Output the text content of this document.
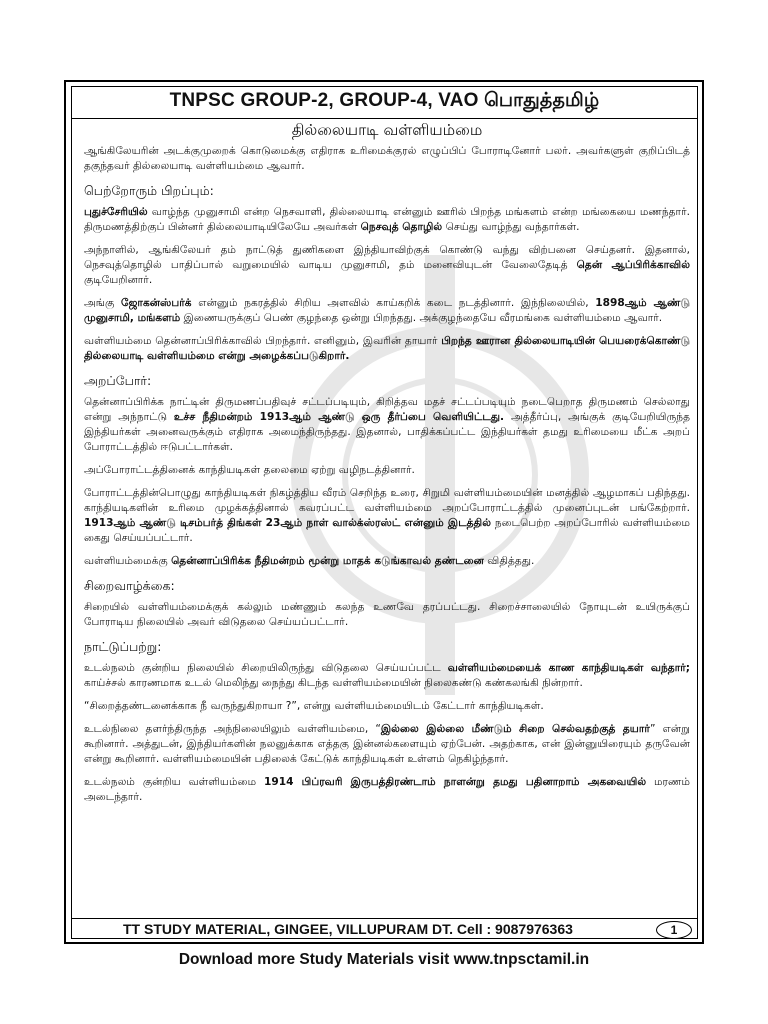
TNPSC GROUP-2, GROUP-4, VAO பொதுத்தமிழ்
தில்லையாடி வள்ளியம்மை

ஆங்கிலேயரின் அடக்குமுறைக் கொடுமைக்கு எதிராக உரிமைக்குரல் எழுப்பிப் போராடினோர் பலர். அவர்களுள் குறிப்பிடத் தகுந்தவர் தில்லையாடி வள்ளியம்மை ஆவார்.

பெற்றோரும் பிறப்பும்:

புதுச்சேரியில் வாழ்ந்த முனுசாமி என்ற நெசவாளி, தில்லையாடி என்னும் ஊரில் பிறந்த மங்களம் என்ற மங்கையை மணந்தார். திருமணத்திற்குப் பின்னர் தில்லையாடியிலேயே அவர்கள் நெசவுத் தொழில் செய்து வாழ்ந்து வந்தார்கள்.

அந்நாளில், ஆங்கிலேயர் தம் நாட்டுத் துணிகளை இந்தியாவிற்குக் கொண்டு வந்து விற்பனை செய்தனர். இதனால், நெசவுத்தொழில் பாதிப்பால் வறுமையில் வாடிய முனுசாமி, தம் மனைவியுடன் வேலைதேடித் தென் ஆப்பிரிக்காவில் குடியேறினார்.

அங்கு ஜோகன்ஸ்பர்க் என்னும் நகரத்தில் சிறிய அளவில் காய்கறிக் கடை நடத்தினார். இந்நிலையில், 1898ஆம் ஆண்டு முனுசாமி, மங்களம் இணையருக்குப் பெண் குழந்தை ஒன்று பிறந்தது. அக்குழந்தையே வீரமங்கை வள்ளியம்மை ஆவார்.

வள்ளியம்மை தென்னாப்பிரிக்காவில் பிறந்தார். எனினும், இவரின் தாயார் பிறந்த ஊரான தில்லையாடியின் பெயரைக்கொண்டு தில்லையாடி வள்ளியம்மை என்று அழைக்கப்படுகிறார்.

அறப்போர்:

தென்னாப்பிரிக்க நாட்டின் திருமணப்பதிவுச் சட்டப்படியும், கிறித்தவ மதச் சட்டப்படியும் நடைபெறாத திருமணம் செல்லாது என்று அந்நாட்டு உச்ச நீதிமன்றம் 1913ஆம் ஆண்டு ஒரு தீர்ப்பை வெளியிட்டது. அத்தீர்ப்பு, அங்குக் குடியேறியிருந்த இந்தியர்கள் அனைவருக்கும் எதிராக அமைந்திருந்தது. இதனால், பாதிக்கப்பட்ட இந்தியர்கள் தமது உரிமையை மீட்க அறப் போராட்டத்தில் ஈடுபட்டார்கள்.

அப்போராட்டத்தினைக் காந்தியடிகள் தலைமை ஏற்று வழிநடத்தினார்.

போராட்டத்தின்பொழுது காந்தியடிகள் நிகழ்த்திய வீரம் செறிந்த உரை, சிறுமி வள்ளியம்மையின் மனத்தில் ஆழமாகப் பதிந்தது. காந்தியடிகளின் உரிமை முழக்கத்தினால் கவரப்பட்ட வள்ளியம்மை அறப்போராட்டத்தில் முனைப்புடன் பங்கேற்றார். 1913ஆம் ஆண்டு டிசம்பர்த் திங்கள் 23ஆம் நாள் வால்க்ஸ்ரஸ்ட் என்னும் இடத்தில் நடைபெற்ற அறப்போரில் வள்ளியம்மை கைது செய்யப்பட்டார்.

வள்ளியம்மைக்கு தென்னாப்பிரிக்க நீதிமன்றம் மூன்று மாதக் கடுங்காவல் தண்டனை விதித்தது.

சிறைவாழ்க்கை:

சிறையில் வள்ளியம்மைக்குக் கல்லும் மண்ணும் கலந்த உணவே தரப்பட்டது. சிறைச்சாலையில் நோயுடன் உயிருக்குப் போராடிய நிலையில் அவர் விடுதலை செய்யப்பட்டார்.

நாட்டுப்பற்று:

உடல்நலம் குன்றிய நிலையில் சிறையிலிருந்து விடுதலை செய்யப்பட்ட வள்ளியம்மையைக் காண காந்தியடிகள் வந்தார்; காய்ச்சல் காரணமாக உடல் மெலிந்து நைந்து கிடந்த வள்ளியம்மையின் நிலைகண்டு கண்கலங்கி நின்றார்.

“சிறைத்தண்டனைக்காக நீ வருந்துகிறாயா ?”, என்று வள்ளியம்மையிடம் கேட்டார் காந்தியடிகள்.

உடல்நிலை தளர்ந்திருந்த அந்நிலையிலும் வள்ளியம்மை, “இல்லை இல்லை மீண்டும் சிறை செல்வதற்குத் தயார்” என்று கூறினார். அத்துடன், இந்தியர்களின் நலனுக்காக எத்தகு இன்னல்களையும் ஏற்பேன். அதற்காக, என் இன்னுயிரையும் தருவேன் என்று கூறினார். வள்ளியம்மையின் பதிலைக் கேட்டுக் காந்தியடிகள் உள்ளம் நெகிழ்ந்தார்.

உடல்நலம் குன்றிய வள்ளியம்மை 1914 பிப்ரவரி இருபத்திரண்டாம் நாளன்று தமது பதினாறாம் அகவையில் மரணம் அடைந்தார்.

TT STUDY MATERIAL, GINGEE, VILLUPURAM DT. Cell : 9087976363	1
Download more Study Materials visit www.tnpsctamil.in
